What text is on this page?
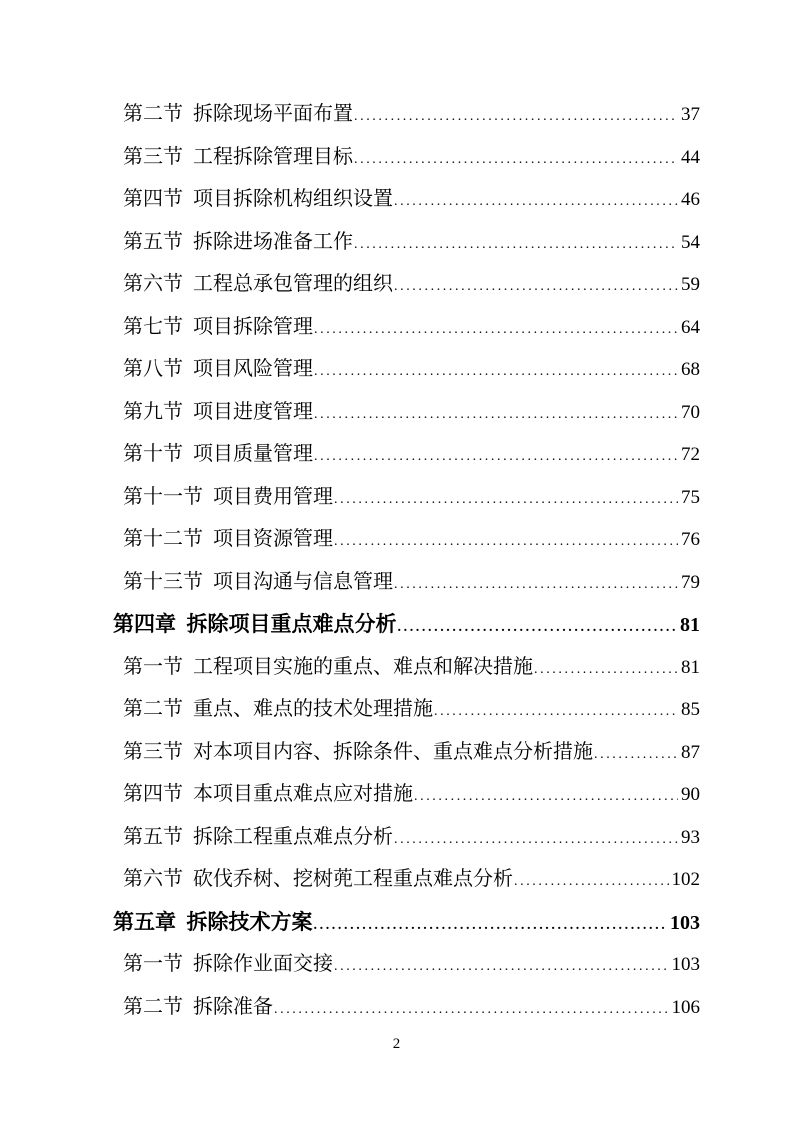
第二节 拆除现场平面布置 .....	37
第三节 工程拆除管理目标 .....	44
第四节 项目拆除机构组织设置 .....	46
第五节 拆除进场准备工作 .....	54
第六节 工程总承包管理的组织 .....	59
第七节 项目拆除管理 .....	64
第八节 项目风险管理 .....	68
第九节 项目进度管理 .....	70
第十节 项目质量管理 .....	72
第十一节 项目费用管理 .....	75
第十二节 项目资源管理 .....	76
第十三节 项目沟通与信息管理 .....	79
第四章 拆除项目重点难点分析 .....	81
第一节 工程项目实施的重点、难点和解决措施 .....	81
第二节 重点、难点的技术处理措施 .....	85
第三节 对本项目内容、拆除条件、重点难点分析措施 .....	87
第四节 本项目重点难点应对措施 .....	90
第五节 拆除工程重点难点分析 .....	93
第六节 砍伐乔树、挖树蔸工程重点难点分析 .....	102
第五章 拆除技术方案 .....	103
第一节 拆除作业面交接 .....	103
第二节 拆除准备 .....	106
2
